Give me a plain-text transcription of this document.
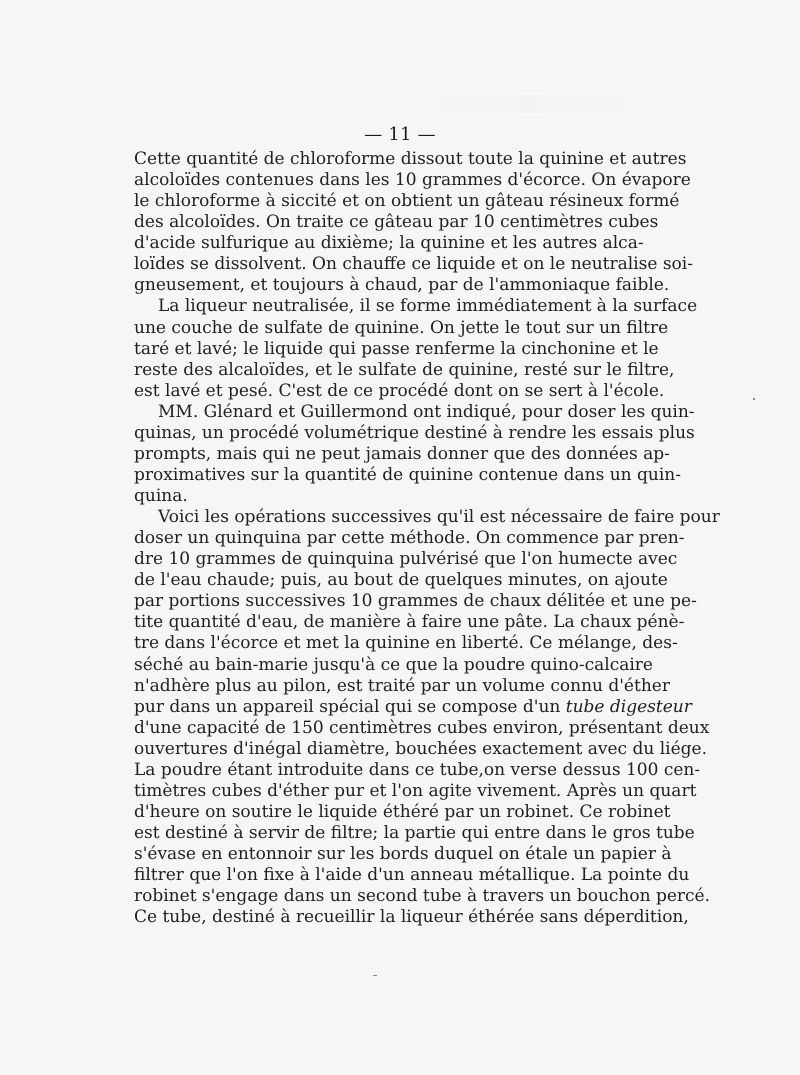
— 11 —
Cette quantité de chloroforme dissout toute la quinine et autres
alcoloïdes contenues dans les 10 grammes d'écorce. On évapore
le chloroforme à siccité et on obtient un gâteau résineux formé
des alcoloïdes. On traite ce gâteau par 10 centimètres cubes
d'acide sulfurique au dixième; la quinine et les autres alca-
loïdes se dissolvent. On chauffe ce liquide et on le neutralise soi-
gneusement, et toujours à chaud, par de l'ammoniaque faible.
La liqueur neutralisée, il se forme immédiatement à la surface
une couche de sulfate de quinine. On jette le tout sur un filtre
taré et lavé; le liquide qui passe renferme la cinchonine et le
reste des alcaloïdes, et le sulfate de quinine, resté sur le filtre,
est lavé et pesé. C'est de ce procédé dont on se sert à l'école.
MM. Glénard et Guillermond ont indiqué, pour doser les quin-
quinas, un procédé volumétrique destiné à rendre les essais plus
prompts, mais qui ne peut jamais donner que des données ap-
proximatives sur la quantité de quinine contenue dans un quin-
quina.
Voici les opérations successives qu'il est nécessaire de faire pour
doser un quinquina par cette méthode. On commence par pren-
dre 10 grammes de quinquina pulvérisé que l'on humecte avec
de l'eau chaude; puis, au bout de quelques minutes, on ajoute
par portions successives 10 grammes de chaux délitée et une pe-
tite quantité d'eau, de manière à faire une pâte. La chaux pénè-
tre dans l'écorce et met la quinine en liberté. Ce mélange, des-
séché au bain-marie jusqu'à ce que la poudre quino-calcaire
n'adhère plus au pilon, est traité par un volume connu d'éther
pur dans un appareil spécial qui se compose d'un tube digesteur
d'une capacité de 150 centimètres cubes environ, présentant deux
ouvertures d'inégal diamètre, bouchées exactement avec du liége.
La poudre étant introduite dans ce tube,on verse dessus 100 cen-
timètres cubes d'éther pur et l'on agite vivement. Après un quart
d'heure on soutire le liquide éthéré par un robinet. Ce robinet
est destiné à servir de filtre; la partie qui entre dans le gros tube
s'évase en entonnoir sur les bords duquel on étale un papier à
filtrer que l'on fixe à l'aide d'un anneau métallique. La pointe du
robinet s'engage dans un second tube à travers un bouchon percé.
Ce tube, destiné à recueillir la liqueur éthérée sans déperdition,
